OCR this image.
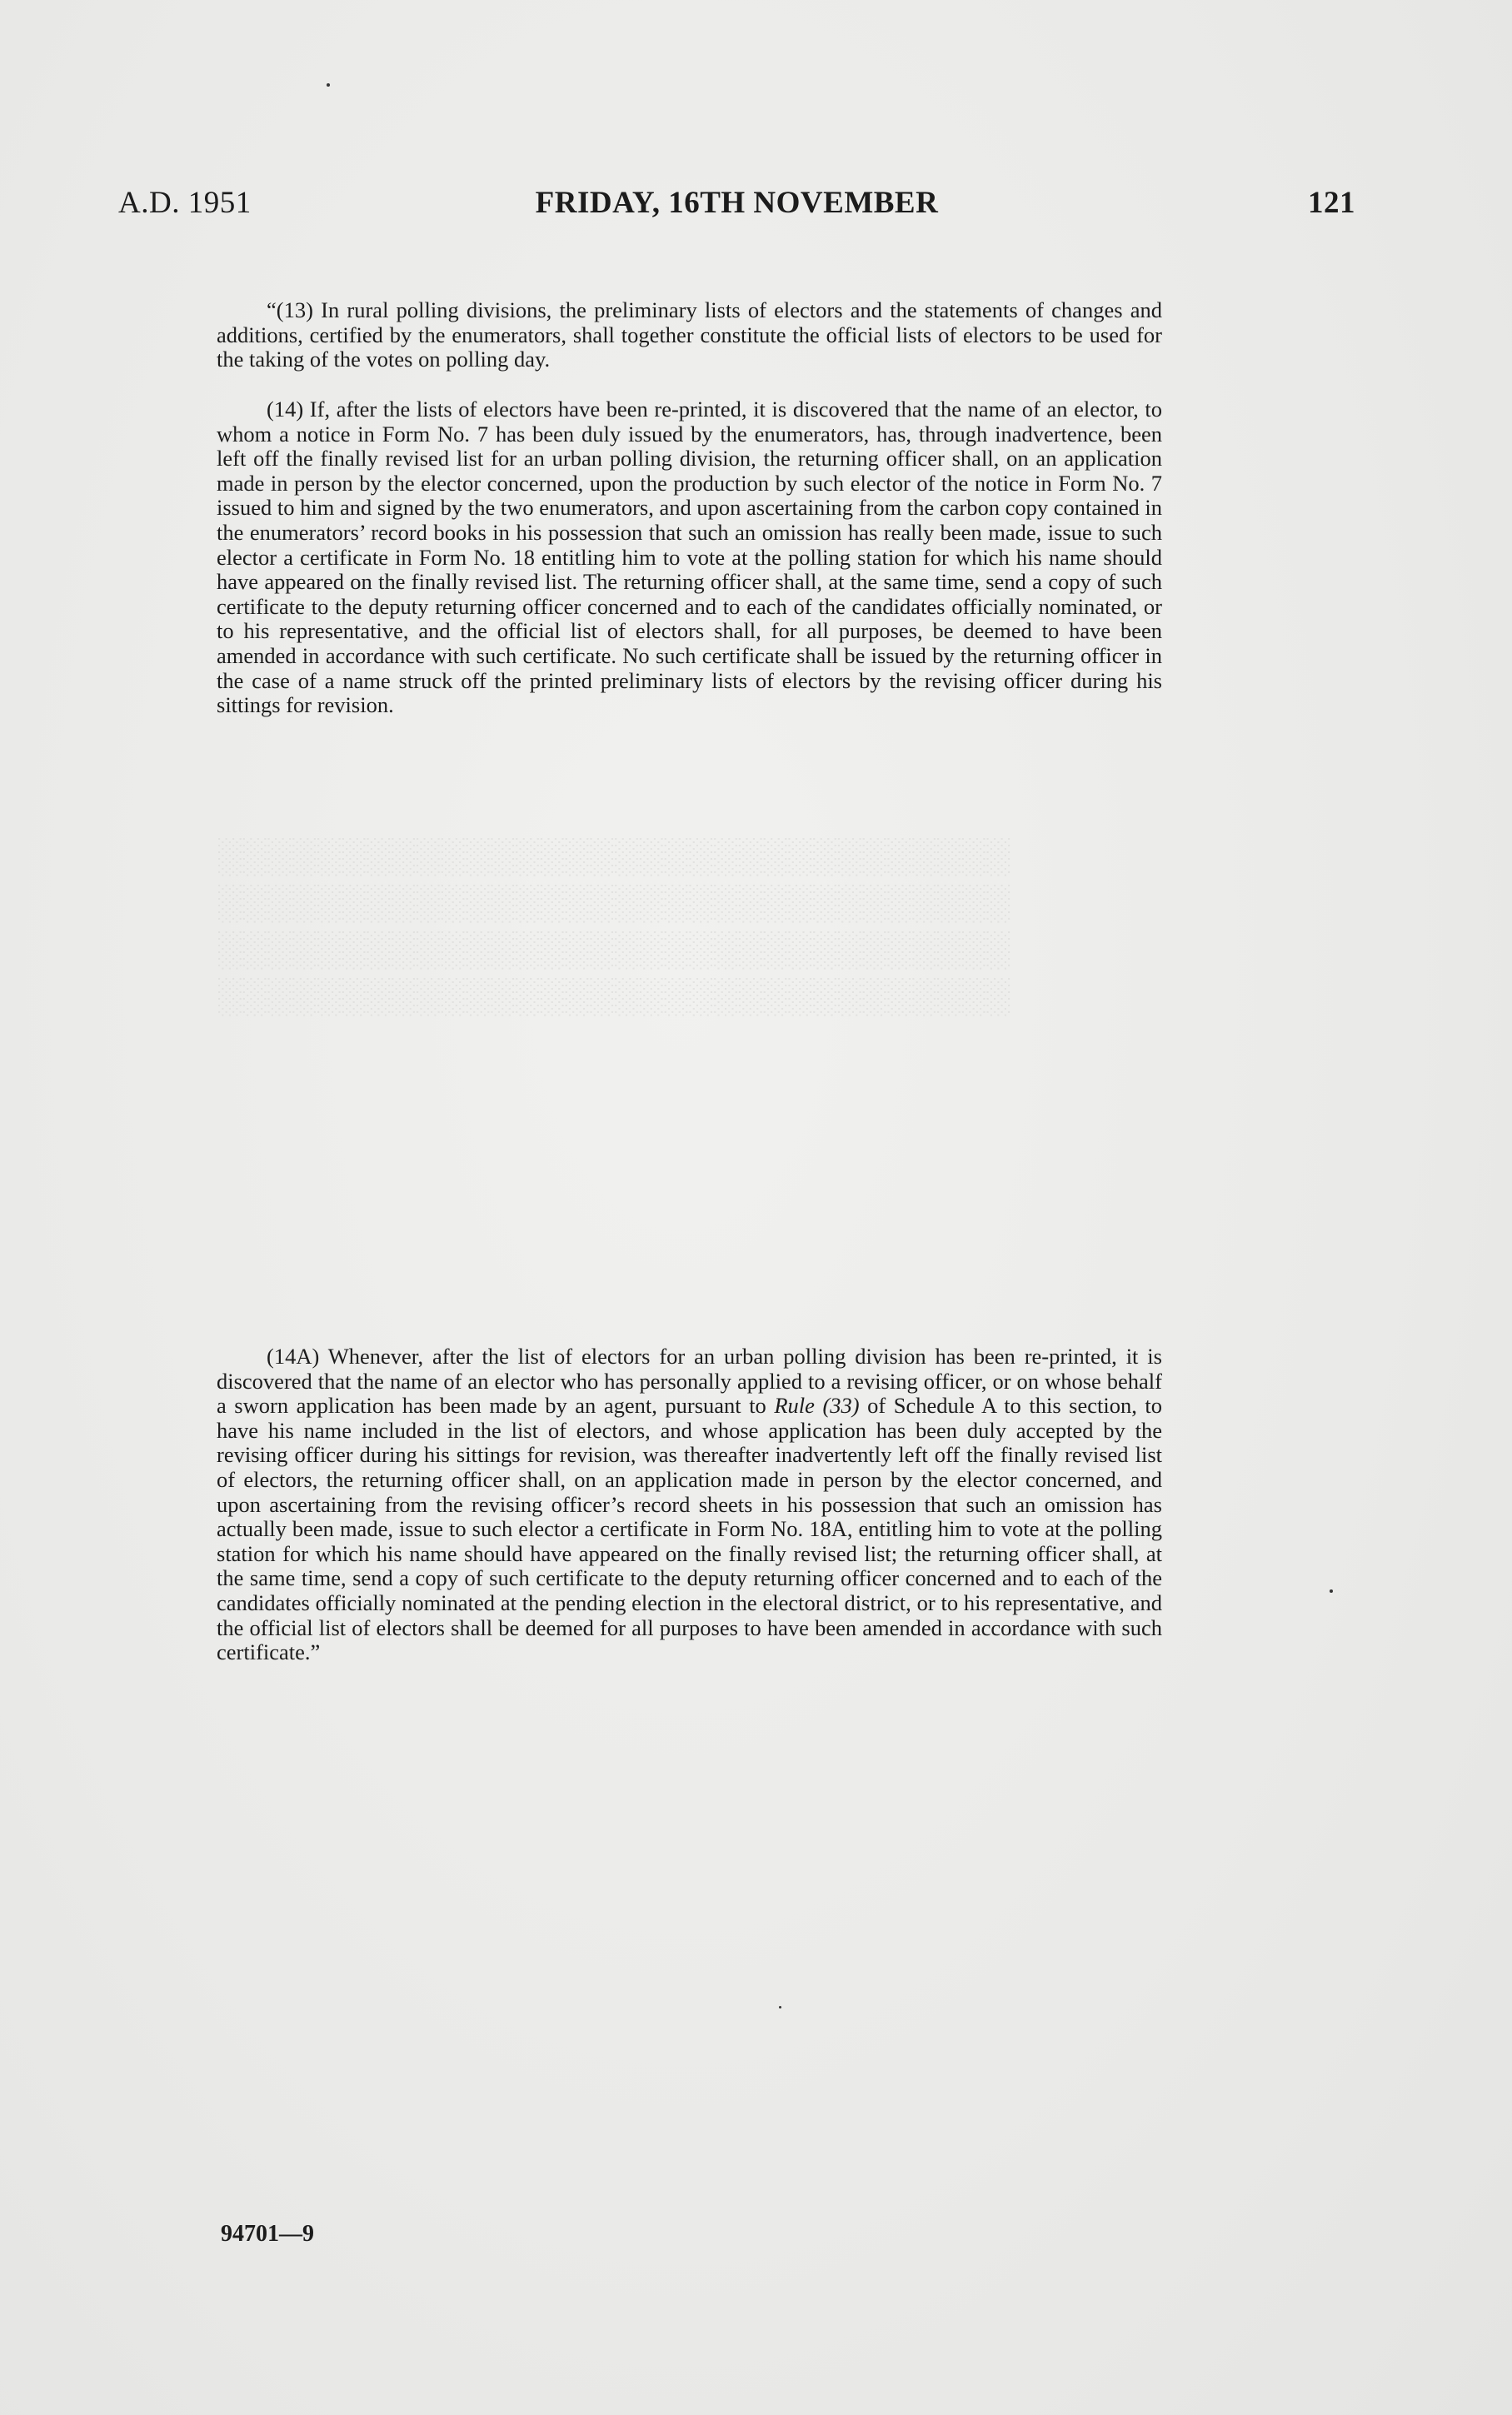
░░░░░░░░░░░░░░░░░░░░░░░░░░░░░░░░
░░░░░░░░░░░░░░░░░░░░░░░░░░░░░░░░
░░░░░░░░░░░░░░░░░░░░░░░░░░░░░░░░
░░░░░░░░░░░░░░░░░░░░░░░░░░░░░░░░
A.D. 1951	FRIDAY, 16TH NOVEMBER	121

“(13) In rural polling divisions, the preliminary lists of electors and the statements of changes and additions, certified by the enumerators, shall together constitute the official lists of electors to be used for the taking of the votes on polling day.

(14) If, after the lists of electors have been re-printed, it is discovered that the name of an elector, to whom a notice in Form No. 7 has been duly issued by the enumerators, has, through inadvertence, been left off the finally revised list for an urban polling division, the returning officer shall, on an application made in person by the elector concerned, upon the production by such elector of the notice in Form No. 7 issued to him and signed by the two enumerators, and upon ascertaining from the carbon copy contained in the enumerators’ record books in his possession that such an omission has really been made, issue to such elector a certificate in Form No. 18 entitling him to vote at the polling station for which his name should have appeared on the finally revised list. The returning officer shall, at the same time, send a copy of such certificate to the deputy returning officer concerned and to each of the candidates officially nominated, or to his representative, and the official list of electors shall, for all purposes, be deemed to have been amended in accordance with such certificate. No such certificate shall be issued by the returning officer in the case of a name struck off the printed preliminary lists of electors by the revising officer during his sittings for revision.

(14A) Whenever, after the list of electors for an urban polling division has been re-printed, it is discovered that the name of an elector who has personally applied to a revising officer, or on whose behalf a sworn application has been made by an agent, pursuant to Rule (33) of Schedule A to this section, to have his name included in the list of electors, and whose application has been duly accepted by the revising officer during his sittings for revision, was thereafter inadvertently left off the finally revised list of electors, the returning officer shall, on an application made in person by the elector concerned, and upon ascertaining from the revising officer’s record sheets in his possession that such an omission has actually been made, issue to such elector a certificate in Form No. 18A, entitling him to vote at the polling station for which his name should have appeared on the finally revised list; the returning officer shall, at the same time, send a copy of such certificate to the deputy returning officer concerned and to each of the candidates officially nominated at the pending election in the electoral district, or to his representative, and the official list of electors shall be deemed for all purposes to have been amended in accordance with such certificate.”

94701—9
